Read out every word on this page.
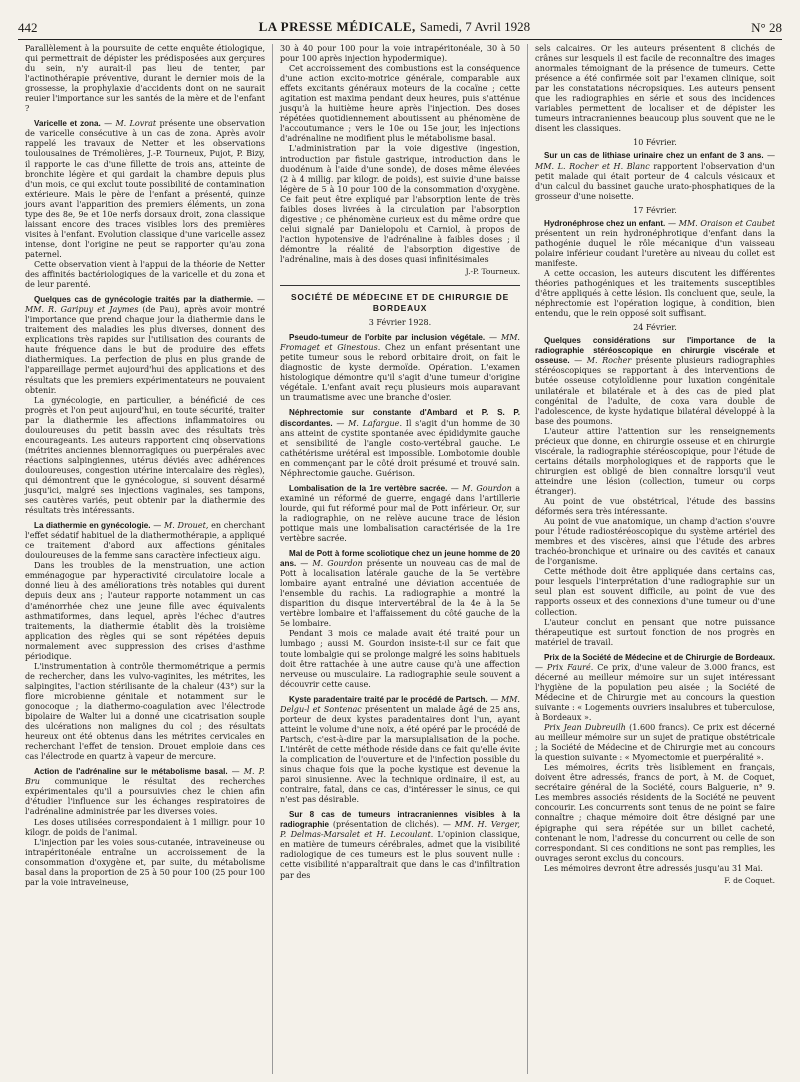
442	LA PRESSE MÉDICALE, Samedi, 7 Avril 1928	N° 28

Parallèlement à la poursuite de cette enquête étiologique, qui permettrait de dépister les prédisposées aux gerçures du sein, n'y aurait-il pas lieu de tenter, par l'actinothérapie préventive, durant le dernier mois de la grossesse, la prophylaxie d'accidents dont on ne saurait reuier l'importance sur les santés de la mère et de l'enfant ?

Varicelle et zona. — M. Lovrat présente une observation de varicelle consécutive à un cas de zona. Après avoir rappelé les travaux de Netter et les observations toulousaines de Trémolières, J.-P. Tourneux, Pujot, P. Bizy, il rapporte le cas d'une fillette de trois ans, atteinte de bronchite légère et qui gardait la chambre depuis plus d'un mois, ce qui exclut toute possibilité de contamination extérieure. Mais le père de l'enfant a présenté, quinze jours avant l'apparition des premiers éléments, un zona type des 8e, 9e et 10e nerfs dorsaux droit, zona classique laissant encore des traces visibles lors des premières visites à l'enfant. Evolution classique d'une varicelle assez intense, dont l'origine ne peut se rapporter qu'au zona paternel.

Cette observation vient à l'appui de la théorie de Netter des affinités bactériologiques de la varicelle et du zona et de leur parenté.

Quelques cas de gynécologie traités par la diathermie. — MM. R. Garipuy et Jaymes (de Pau), après avoir montré l'importance que prend chaque jour la diathermie dans le traitement des maladies les plus diverses, donnent des explications très rapides sur l'utilisation des courants de haute fréquence dans le but de produire des effets diathermiques. La perfection de plus en plus grande de l'appareillage permet aujourd'hui des applications et des résultats que les premiers expérimentateurs ne pouvaient obtenir.

La gynécologie, en particulier, a bénéficié de ces progrès et l'on peut aujourd'hui, en toute sécurité, traiter par la diathermie les affections inflammatoires ou douloureuses du petit bassin avec des résultats très encourageants. Les auteurs rapportent cinq observations (métrites anciennes blennorragiques ou puerpérales avec réactions salpingiennes, utérus déviés avec adhérences douloureuses, congestion utérine intercalaire des règles), qui démontrent que le gynécologue, si souvent désarmé jusqu'ici, malgré ses injections vaginales, ses tampons, ses cautères variés, peut obtenir par la diathermie des résultats très intéressants.

La diathermie en gynécologie. — M. Drouet, en cherchant l'effet sédatif habituel de la diathermothérapie, a appliqué ce traitement d'abord aux affections génitales douloureuses de la femme sans caractère infectieux aigu.

Dans les troubles de la menstruation, une action emménagogue par hyperactivité circulatoire locale a donné lieu à des améliorations très notables qui durent depuis deux ans ; l'auteur rapporte notamment un cas d'aménorrhée chez une jeune fille avec équivalents asthmatiformes, dans lequel, après l'échec d'autres traitements, la diathermie établit dès la troisième application des règles qui se sont répétées depuis normalement avec suppression des crises d'asthme périodique.

L'instrumentation à contrôle thermométrique a permis de rechercher, dans les vulvo-vaginites, les métrites, les salpingites, l'action stérilisante de la chaleur (43°) sur la flore microbienne génitale et notamment sur le gonocoque ; la diathermo-coagulation avec l'électrode bipolaire de Walter lui a donné une cicatrisation souple des ulcérations non malignes du col ; des résultats heureux ont été obtenus dans les métrites cervicales en recherchant l'effet de tension. Drouet emploie dans ces cas l'électrode en quartz à vapeur de mercure.

Action de l'adrénaline sur le métabolisme basal. — M. P. Bru communique le résultat des recherches expérimentales qu'il a poursuivies chez le chien afin d'étudier l'influence sur les échanges respiratoires de l'adrénaline administrée par les diverses voies.

Les doses utilisées correspondaient à 1 milligr. pour 10 kilogr. de poids de l'animal.

L'injection par les voies sous-cutanée, intraveineuse ou intrapéritonéale entraîne un accroissement de la consommation d'oxygène et, par suite, du métabolisme basal dans la proportion de 25 à 50 pour 100 (25 pour 100 par la voie intraveineuse,

30 à 40 pour 100 pour la voie intrapéritonéale, 30 à 50 pour 100 après injection hypodermique).

Cet accroissement des combustions est la conséquence d'une action excito-motrice générale, comparable aux effets excitants généraux moteurs de la cocaïne ; cette agitation est maxima pendant deux heures, puis s'atténue jusqu'à la huitième heure après l'injection. Des doses répétées quotidiennement aboutissent au phénomène de l'accoutumance ; vers le 10e ou 15e jour, les injections d'adrénaline ne modifient plus le métabolisme basal.

L'administration par la voie digestive (ingestion, introduction par fistule gastrique, introduction dans le duodénum à l'aide d'une sonde), de doses même élevées (2 à 4 millig. par kilogr. de poids), est suivie d'une baisse légère de 5 à 10 pour 100 de la consommation d'oxygène. Ce fait peut être expliqué par l'absorption lente de très faibles doses livrées à la circulation par l'absorption digestive ; ce phénomène curieux est du même ordre que celui signalé par Danielopolu et Carniol, à propos de l'action hypotensive de l'adrénaline à faibles doses ; il démontre la réalité de l'absorption digestive de l'adrénaline, mais à des doses quasi infinitésimales

J.-P. Tourneux.
SOCIÉTÉ DE MÉDECINE ET DE CHIRURGIE DE BORDEAUX
3 Février 1928.

Pseudo-tumeur de l'orbite par inclusion végétale. — MM. Fromaget et Ginestous. Chez un enfant présentant une petite tumeur sous le rebord orbitaire droit, on fait le diagnostic de kyste dermoïde. Opération. L'examen histologique démontre qu'il s'agit d'une tumeur d'origine végétale. L'enfant avait reçu plusieurs mois auparavant un traumatisme avec une branche d'osier.

Néphrectomie sur constante d'Ambard et P. S. P. discordantes. — M. Lafargue. Il s'agit d'un homme de 30 ans atteint de cystite spontanée avec épididymite gauche et sensibilité de l'angle costo-vertébral gauche. Le cathétérisme urétéral est impossible. Lombotomie double en commençant par le côté droit présumé et trouvé sain. Néphrectomie gauche. Guérison.

Lombalisation de la 1re vertèbre sacrée. — M. Gourdon a examiné un réformé de guerre, engagé dans l'artillerie lourde, qui fut réformé pour mal de Pott inférieur. Or, sur la radiographie, on ne relève aucune trace de lésion pottique mais une lombalisation caractérisée de la 1re vertèbre sacrée.

Mal de Pott à forme scoliotique chez un jeune homme de 20 ans. — M. Gourdon présente un nouveau cas de mal de Pott à localisation latérale gauche de la 5e vertèbre lombaire ayant entraîné une déviation accentuée de l'ensemble du rachis. La radiographie a montré la disparition du disque intervertébral de la 4e à la 5e vertèbre lombaire et l'affaissement du côté gauche de la 5e lombaire.

Pendant 3 mois ce malade avait été traité pour un lumbago ; aussi M. Gourdon insiste-t-il sur ce fait que toute lombalgie qui se prolonge malgré les soins habituels doit être rattachée à une autre cause qu'à une affection nerveuse ou musculaire. La radiographie seule souvent a découvrir cette cause.

Kyste paradentaire traité par le procédé de Partsch. — MM. Delgu-l et Sontenac présentent un malade âgé de 25 ans, porteur de deux kystes paradentaires dont l'un, ayant atteint le volume d'une noix, a été opéré par le procédé de Partsch, c'est-à-dire par la marsupialisation de la poche. L'intérêt de cette méthode réside dans ce fait qu'elle évite la complication de l'ouverture et de l'infection possible du sinus chaque fois que la poche kystique est devenue la paroi sinusienne. Avec la technique ordinaire, il est, au contraire, fatal, dans ce cas, d'intéresser le sinus, ce qui n'est pas désirable.

Sur 8 cas de tumeurs intracraniennes visibles à la radiographie (présentation de clichés). — MM. H. Verger, P. Delmas-Marsalet et H. Lecoulant. L'opinion classique, en matière de tumeurs cérébrales, admet que la visibilité radiologique de ces tumeurs est le plus souvent nulle : cette visibilité n'apparaîtrait que dans le cas d'infiltration par des

sels calcaires. Or les auteurs présentent 8 clichés de crânes sur lesquels il est facile de reconnaître des images anormales témoignant de la présence de tumeurs. Cette présence a été confirmée soit par l'examen clinique, soit par les constatations nécropsiques. Les auteurs pensent que les radiographies en série et sous des incidences variables permettent de localiser et de dépister les tumeurs intracraniennes beaucoup plus souvent que ne le disent les classiques.

10 Février.

Sur un cas de lithiase urinaire chez un enfant de 3 ans. — MM. L. Rocher et H. Blanc rapportent l'observation d'un petit malade qui était porteur de 4 calculs vésicaux et d'un calcul du bassinet gauche urato-phosphatiques de la grosseur d'une noisette.

17 Février.

Hydronéphrose chez un enfant. — MM. Oraison et Caubet présentent un rein hydronéphrotique d'enfant dans la pathogénie duquel le rôle mécanique d'un vaisseau polaire inférieur coudant l'uretère au niveau du collet est manifeste.

A cette occasion, les auteurs discutent les différentes théories pathogéniques et les traitements susceptibles d'être appliqués à cette lésion. Ils concluent que, seule, la néphrectomie est l'opération logique, à condition, bien entendu, que le rein opposé soit suffisant.

24 Février.

Quelques considérations sur l'importance de la radiographie stéréoscopique en chirurgie viscérale et osseuse. — M. Rocher présente plusieurs radiographies stéréoscopiques se rapportant à des interventions de butée osseuse cotyloïdienne pour luxation congénitale unilatérale et bilatérale et à des cas de pied plat congénital de l'adulte, de coxa vara double de l'adolescence, de kyste hydatique bilatéral développé à la base des poumons.

L'auteur attire l'attention sur les renseignements précieux que donne, en chirurgie osseuse et en chirurgie viscérale, la radiographie stéréoscopique, pour l'étude de certains détails morphologiques et de rapports que le chirurgien est obligé de bien connaître lorsqu'il veut atteindre une lésion (collection, tumeur ou corps étranger).

Au point de vue obstétrical, l'étude des bassins déformés sera très intéressante.

Au point de vue anatomique, un champ d'action s'ouvre pour l'étude radiostéréoscopique du système artériel des membres et des viscères, ainsi que l'étude des arbres trachéo-bronchique et urinaire ou des cavités et canaux de l'organisme.

Cette méthode doit être appliquée dans certains cas, pour lesquels l'interprétation d'une radiographie sur un seul plan est souvent difficile, au point de vue des rapports osseux et des connexions d'une tumeur ou d'une collection.

L'auteur conclut en pensant que notre puissance thérapeutique est surtout fonction de nos progrès en matériel de travail.

Prix de la Société de Médecine et de Chirurgie de Bordeaux. — Prix Fauré. Ce prix, d'une valeur de 3.000 francs, est décerné au meilleur mémoire sur un sujet intéressant l'hygiène de la population peu aisée ; la Société de Médecine et de Chirurgie met au concours la question suivante : « Logements ouvriers insalubres et tuberculose, à Bordeaux ».

Prix Jean Dubreuilh (1.600 francs). Ce prix est décerné au meilleur mémoire sur un sujet de pratique obstétricale ; la Société de Médecine et de Chirurgie met au concours la question suivante : « Myomectomie et puerpéralité ».

Les mémoires, écrits très lisiblement en français, doivent être adressés, francs de port, à M. de Coquet, secrétaire général de la Société, cours Balguerie, n° 9. Les membres associés résidents de la Société ne peuvent concourir. Les concurrents sont tenus de ne point se faire connaître ; chaque mémoire doit être désigné par une épigraphe qui sera répétée sur un billet cacheté, contenant le nom, l'adresse du concurrent ou celle de son correspondant. Si ces conditions ne sont pas remplies, les ouvrages seront exclus du concours.

Les mémoires devront être adressés jusqu'au 31 Mai.

F. de Coquet.
